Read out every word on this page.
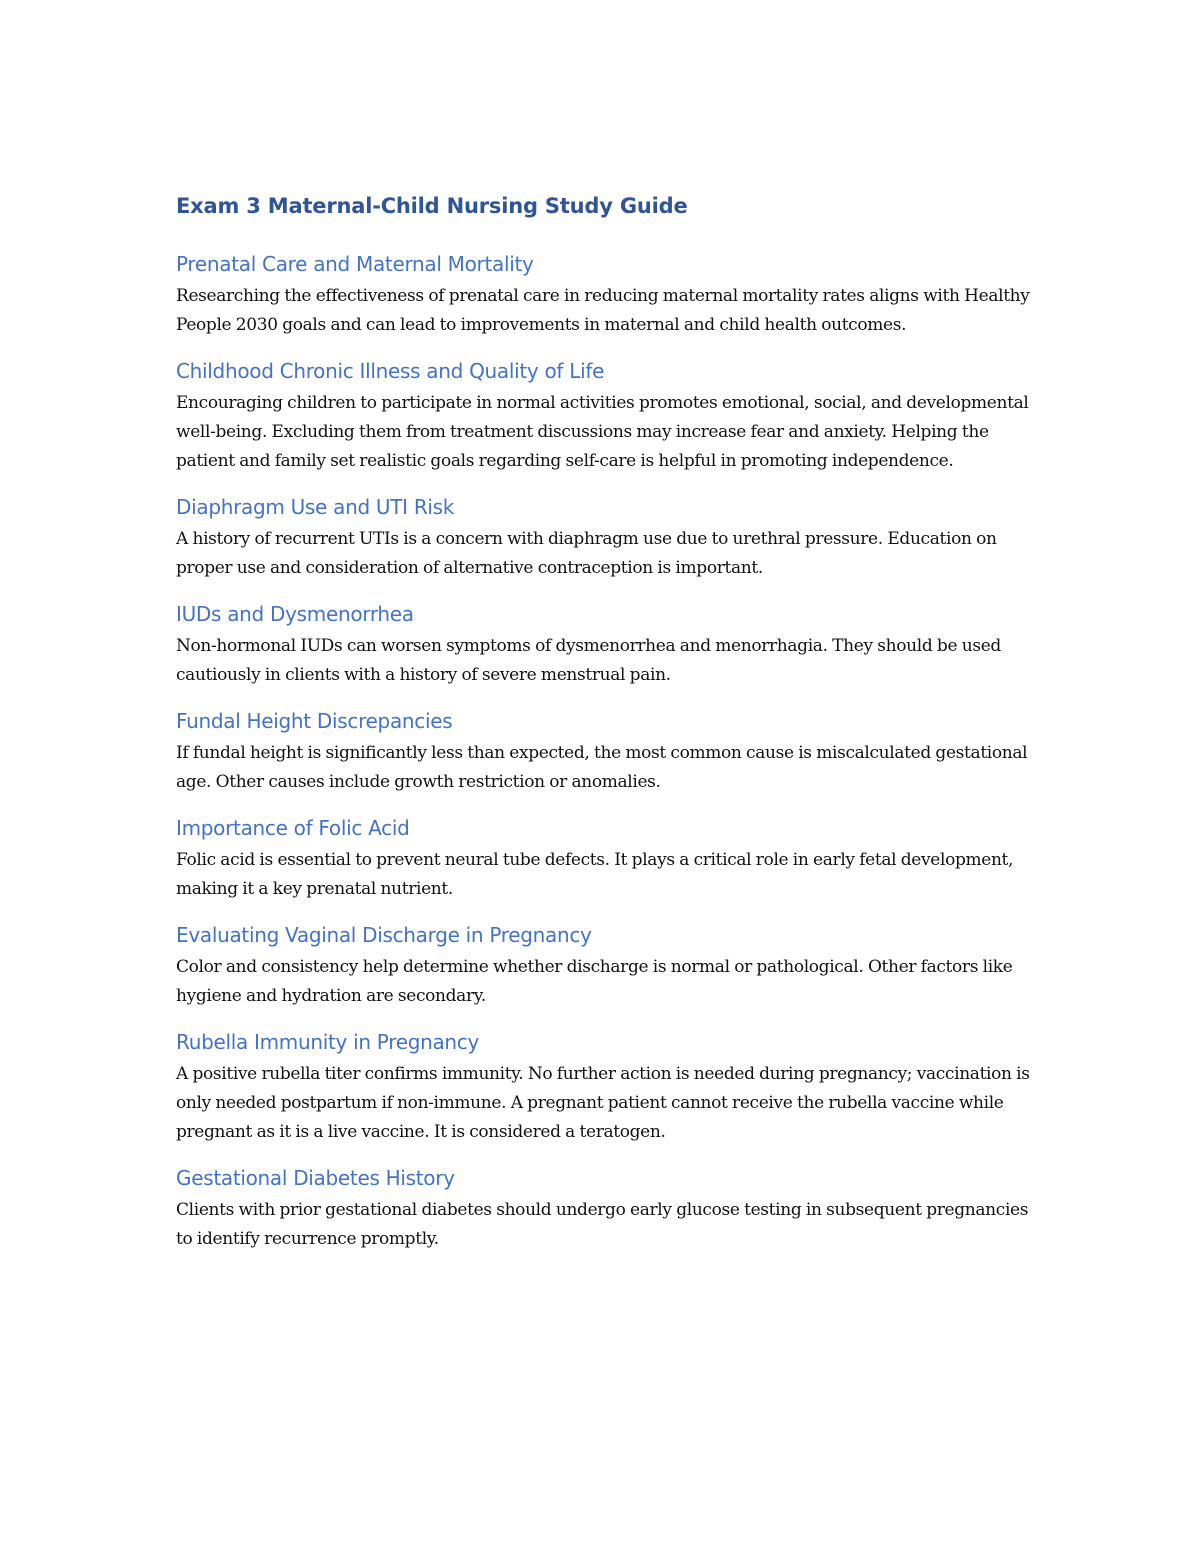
Exam 3 Maternal-Child Nursing Study Guide
Prenatal Care and Maternal Mortality

Researching the effectiveness of prenatal care in reducing maternal mortality rates aligns with Healthy People 2030 goals and can lead to improvements in maternal and child health outcomes.

Childhood Chronic Illness and Quality of Life

Encouraging children to participate in normal activities promotes emotional, social, and developmental well-being. Excluding them from treatment discussions may increase fear and anxiety. Helping the patient and family set realistic goals regarding self-care is helpful in promoting independence.

Diaphragm Use and UTI Risk

A history of recurrent UTIs is a concern with diaphragm use due to urethral pressure. Education on proper use and consideration of alternative contraception is important.

IUDs and Dysmenorrhea

Non-hormonal IUDs can worsen symptoms of dysmenorrhea and menorrhagia. They should be used cautiously in clients with a history of severe menstrual pain.

Fundal Height Discrepancies

If fundal height is significantly less than expected, the most common cause is miscalculated gestational age. Other causes include growth restriction or anomalies.

Importance of Folic Acid

Folic acid is essential to prevent neural tube defects. It plays a critical role in early fetal development, making it a key prenatal nutrient.

Evaluating Vaginal Discharge in Pregnancy

Color and consistency help determine whether discharge is normal or pathological. Other factors like hygiene and hydration are secondary.

Rubella Immunity in Pregnancy

A positive rubella titer confirms immunity. No further action is needed during pregnancy; vaccination is only needed postpartum if non-immune. A pregnant patient cannot receive the rubella vaccine while pregnant as it is a live vaccine. It is considered a teratogen.

Gestational Diabetes History

Clients with prior gestational diabetes should undergo early glucose testing in subsequent pregnancies to identify recurrence promptly.
